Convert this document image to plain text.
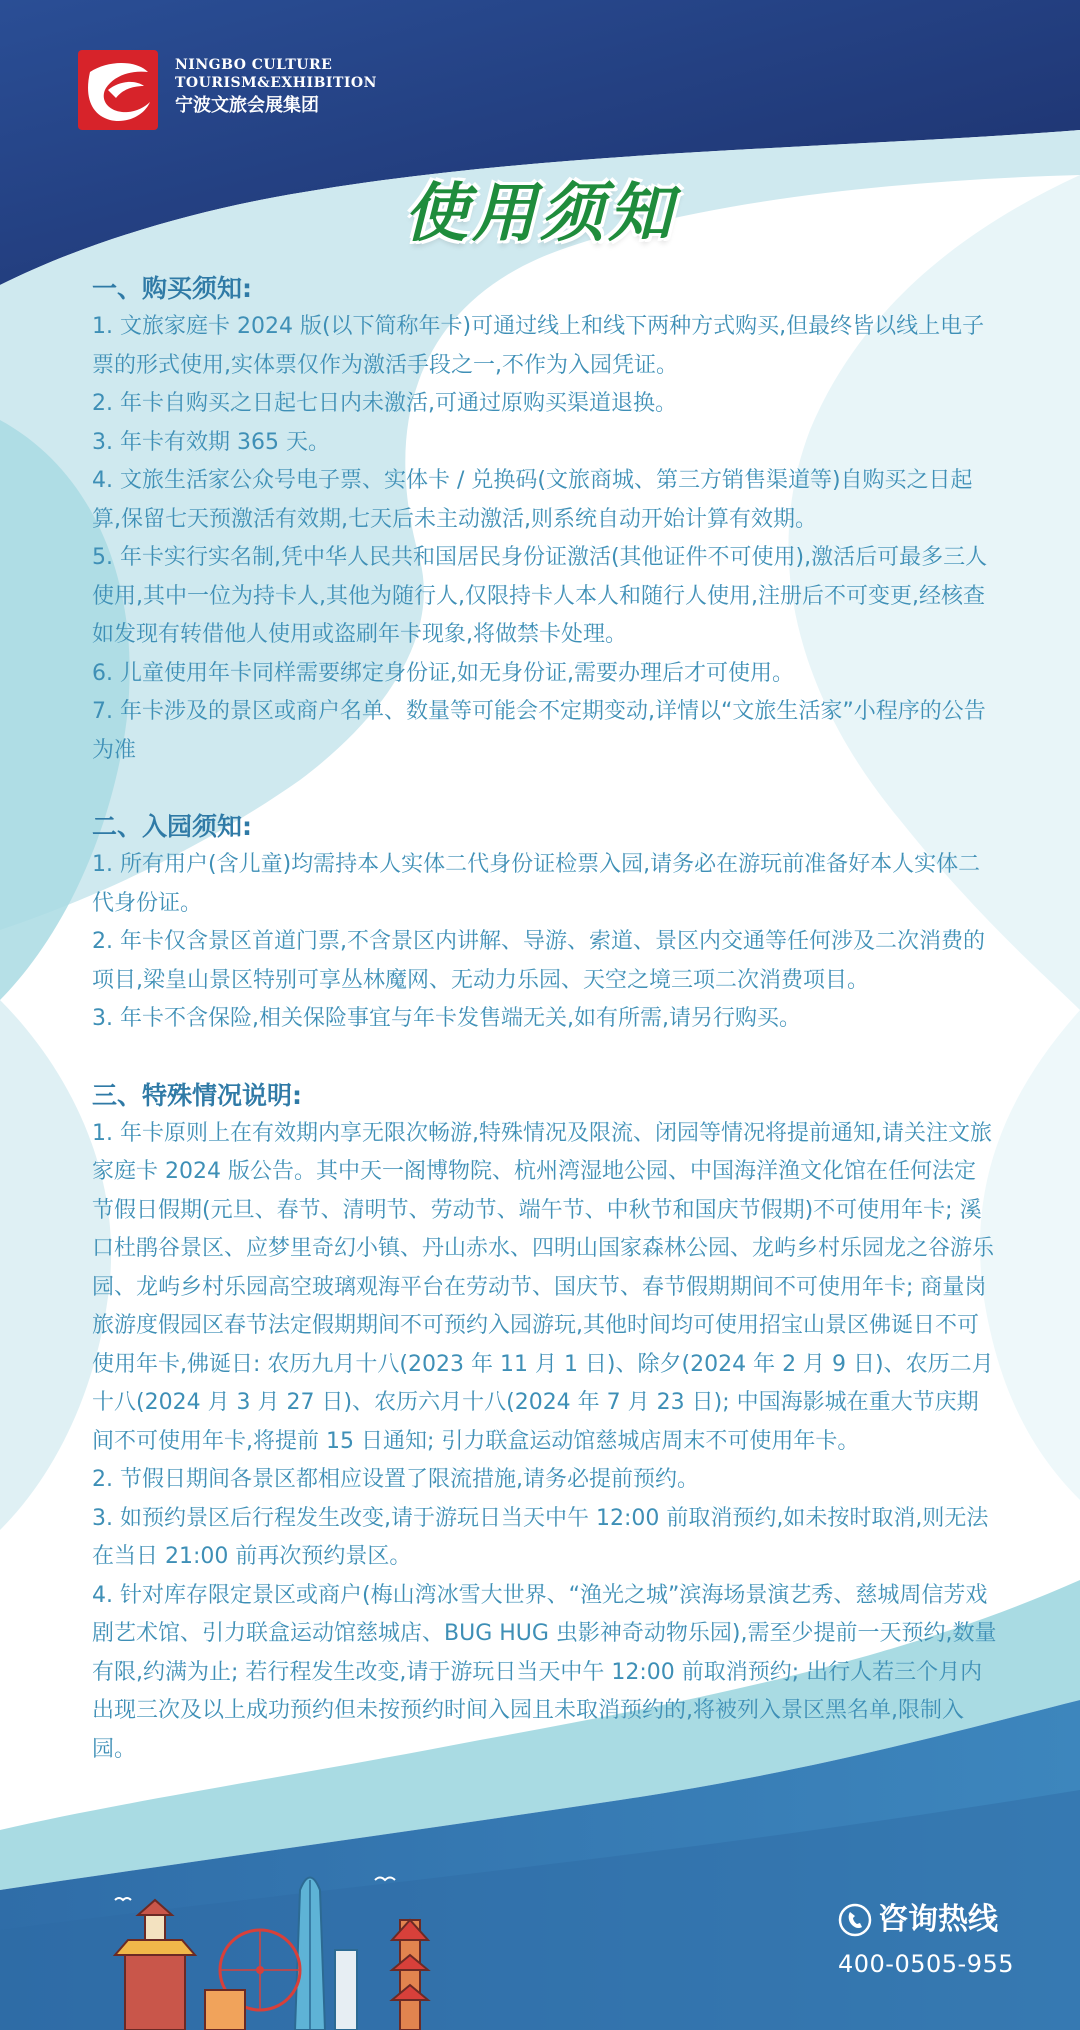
NINGBO CULTURE
TOURISM&EXHIBITION
宁波文旅会展集团
使用须知
一、购买须知:

1. 文旅家庭卡 2024 版(以下简称年卡)可通过线上和线下两种方式购买,但最终皆以线上电子票的形式使用,实体票仅作为激活手段之一,不作为入园凭证。

2. 年卡自购买之日起七日内未激活,可通过原购买渠道退换。

3. 年卡有效期 365 天。

4. 文旅生活家公众号电子票、实体卡 / 兑换码(文旅商城、第三方销售渠道等)自购买之日起算,保留七天预激活有效期,七天后未主动激活,则系统自动开始计算有效期。

5. 年卡实行实名制,凭中华人民共和国居民身份证激活(其他证件不可使用),激活后可最多三人使用,其中一位为持卡人,其他为随行人,仅限持卡人本人和随行人使用,注册后不可变更,经核查如发现有转借他人使用或盗刷年卡现象,将做禁卡处理。

6. 儿童使用年卡同样需要绑定身份证,如无身份证,需要办理后才可使用。

7. 年卡涉及的景区或商户名单、数量等可能会不定期变动,详情以“文旅生活家”小程序的公告为准

二、入园须知:

1. 所有用户(含儿童)均需持本人实体二代身份证检票入园,请务必在游玩前准备好本人实体二代身份证。

2. 年卡仅含景区首道门票,不含景区内讲解、导游、索道、景区内交通等任何涉及二次消费的项目,梁皇山景区特别可享丛林魔网、无动力乐园、天空之境三项二次消费项目。

3. 年卡不含保险,相关保险事宜与年卡发售端无关,如有所需,请另行购买。

三、特殊情况说明:

1. 年卡原则上在有效期内享无限次畅游,特殊情况及限流、闭园等情况将提前通知,请关注文旅家庭卡 2024 版公告。其中天一阁博物院、杭州湾湿地公园、中国海洋渔文化馆在任何法定节假日假期(元旦、春节、清明节、劳动节、端午节、中秋节和国庆节假期)不可使用年卡; 溪口杜鹃谷景区、应梦里奇幻小镇、丹山赤水、四明山国家森林公园、龙屿乡村乐园龙之谷游乐园、龙屿乡村乐园高空玻璃观海平台在劳动节、国庆节、春节假期期间不可使用年卡; 商量岗旅游度假园区春节法定假期期间不可预约入园游玩,其他时间均可使用招宝山景区佛诞日不可使用年卡,佛诞日: 农历九月十八(2023 年 11 月 1 日)、除夕(2024 年 2 月 9 日)、农历二月十八(2024 月 3 月 27 日)、农历六月十八(2024 年 7 月 23 日); 中国海影城在重大节庆期间不可使用年卡,将提前 15 日通知; 引力联盒运动馆慈城店周末不可使用年卡。

2. 节假日期间各景区都相应设置了限流措施,请务必提前预约。

3. 如预约景区后行程发生改变,请于游玩日当天中午 12:00 前取消预约,如未按时取消,则无法在当日 21:00 前再次预约景区。

4. 针对库存限定景区或商户(梅山湾冰雪大世界、“渔光之城”滨海场景演艺秀、慈城周信芳戏剧艺术馆、引力联盒运动馆慈城店、BUG HUG 虫影神奇动物乐园),需至少提前一天预约,数量有限,约满为止; 若行程发生改变,请于游玩日当天中午 12:00 前取消预约; 出行人若三个月内出现三次及以上成功预约但未按预约时间入园且未取消预约的,将被列入景区黑名单,限制入园。

咨询热线
400-0505-955
